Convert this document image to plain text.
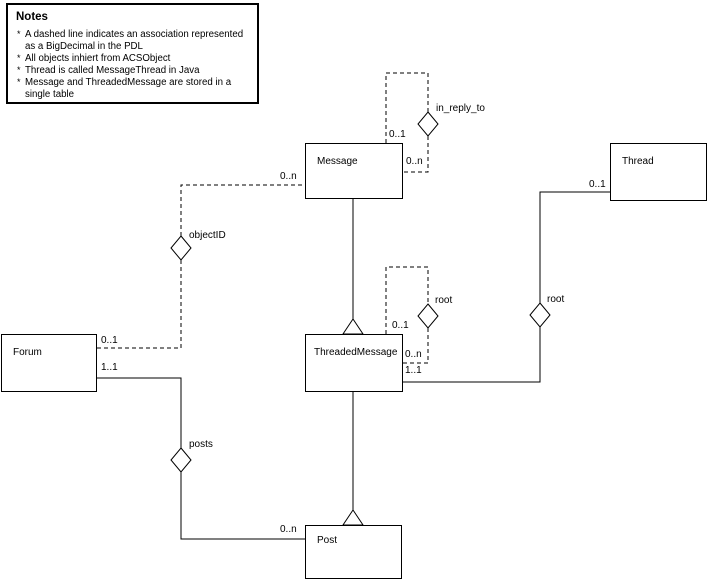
Notes
* A dashed line indicates an association represented as a BigDecimal in the PDL
* All objects inhiert from ACSObject
* Thread is called MessageThread in Java
* Message and ThreadedMessage are stored in a single table
Message	Thread
Forum	ThreadedMessage
Post
in_reply_to
objectID
root	root
posts
0..1
0..n
0..1
0..n
0..1
0..n
0..1
1..1
1..1
0..n
